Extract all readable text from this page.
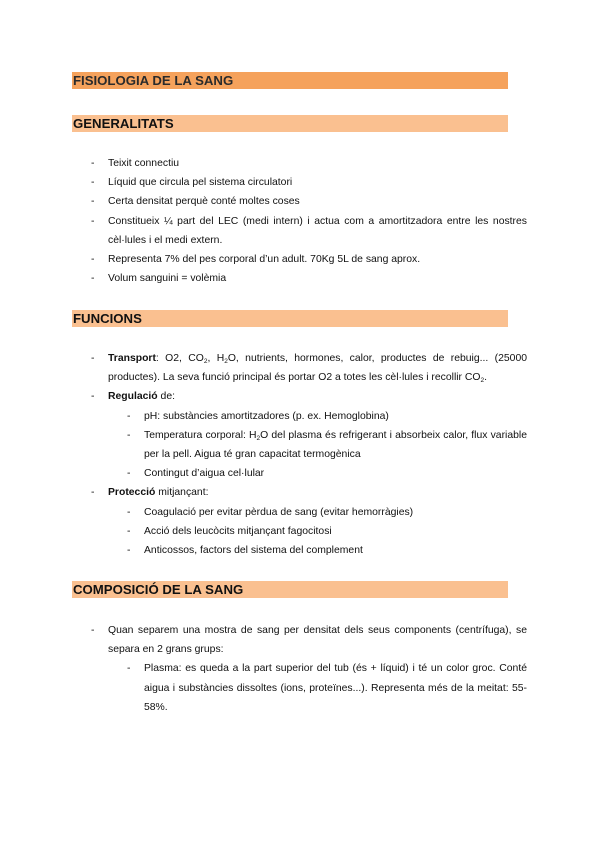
FISIOLOGIA DE LA SANG
GENERALITATS
- Teixit connectiu
- Líquid que circula pel sistema circulatori
- Certa densitat perquè conté moltes coses
- Constitueix ¼ part del LEC (medi intern) i actua com a amortitzadora entre les nostres cèl·lules i el medi extern.
- Representa 7% del pes corporal d’un adult. 70Kg 5L de sang aprox.
- Volum sanguini = volèmia
FUNCIONS
- Transport: O2, $CO_2$, $H_2O$, nutrients, hormones, calor, productes de rebuig... (25000 productes). La seva funció principal és portar O2 a totes les cèl·lules i recollir $CO_2$.
- Regulació de:
- pH: substàncies amortitzadores (p. ex. Hemoglobina)
- Temperatura corporal: $H_2O$ del plasma és refrigerant i absorbeix calor, flux variable per la pell. Aigua té gran capacitat termogènica
- Contingut d’aigua cel·lular
- Protecció mitjançant:
- Coagulació per evitar pèrdua de sang (evitar hemorràgies)
- Acció dels leucòcits mitjançant fagocitosi
- Anticossos, factors del sistema del complement
COMPOSICIÓ DE LA SANG
- Quan separem una mostra de sang per densitat dels seus components (centrífuga), se separa en 2 grans grups:
- Plasma: es queda a la part superior del tub (és + líquid) i té un color groc. Conté aigua i substàncies dissoltes (ions, proteïnes...). Representa més de la meitat: 55-58%.
